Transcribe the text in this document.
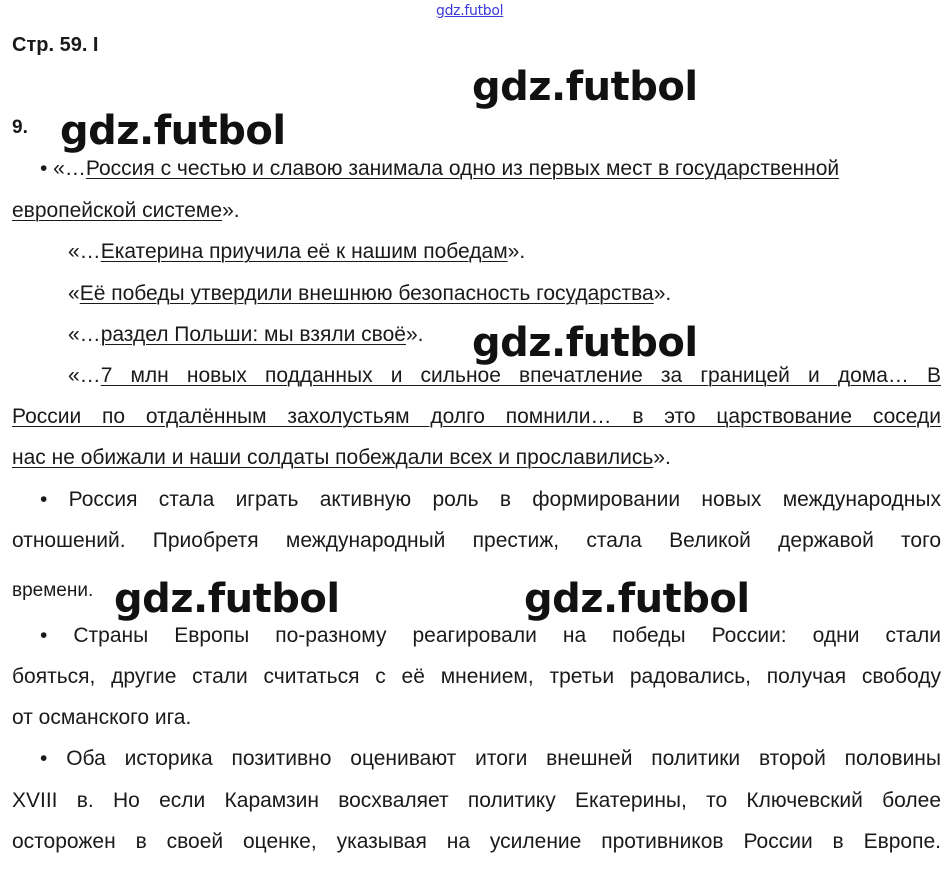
gdz.futbol
Стр. 59. I
9.
• «…Россия с честью и славою занимала одно из первых мест в государственной
европейской системе».
«…Екатерина приучила её к нашим победам».
«Её победы утвердили внешнюю безопасность государства».
«…раздел Польши: мы взяли своё».
«…7 млн новых подданных и сильное впечатление за границей и дома… В
России по отдалённым захолустьям долго помнили… в это царствование соседи
нас не обижали и наши солдаты побеждали всех и прославились».
• Россия стала играть активную роль в формировании новых международных
отношений. Приобретя международный престиж, стала Великой державой того
времени.
• Страны Европы по-разному реагировали на победы России: одни стали
бояться, другие стали считаться с её мнением, третьи радовались, получая свободу
от османского ига.
• Оба историка позитивно оценивают итоги внешней политики второй половины
XVIII в. Но если Карамзин восхваляет политику Екатерины, то Ключевский более
осторожен в своей оценке, указывая на усиление противников России в Европе.
gdz.futbol
gdz.futbol
gdz.futbol
gdz.futbol	gdz.futbol
